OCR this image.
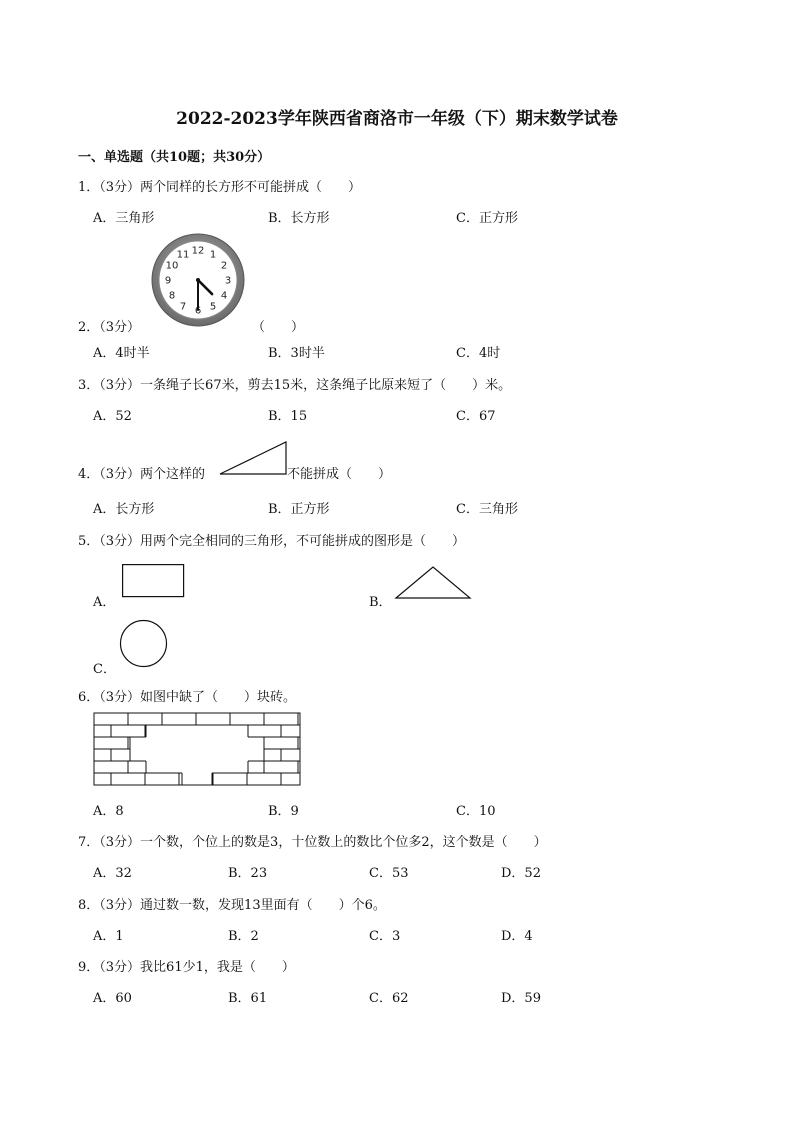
2022-2023学年陕西省商洛市一年级（下）期末数学试卷
一、单选题（共10题；共30分）
1．（3分）两个同样的长方形不可能拼成（　　）
A．三角形	B．长方形	C．正方形
12 1
2
3
4
5
6
7
8
9
10
11
2．（3分）	（　　）
A．4时半	B．3时半	C．4时
3．（3分）一条绳子长67米，剪去15米，这条绳子比原来短了（　　）米。
A．52	B．15	C．67
4．（3分）两个这样的	不能拼成（　　）
A．长方形	B．正方形	C．三角形
5．（3分）用两个完全相同的三角形，不可能拼成的图形是（　　）
A．	B．
C．
6．（3分）如图中缺了（　　）块砖。
A．8	B．9	C．10
7．（3分）一个数，个位上的数是3，十位数上的数比个位多2，这个数是（　　）
A．32	B．23	C．53	D．52
8．（3分）通过数一数，发现13里面有（　　）个6。
A．1	B．2	C．3	D．4
9．（3分）我比61少1，我是（　　）
A．60	B．61	C．62	D．59
